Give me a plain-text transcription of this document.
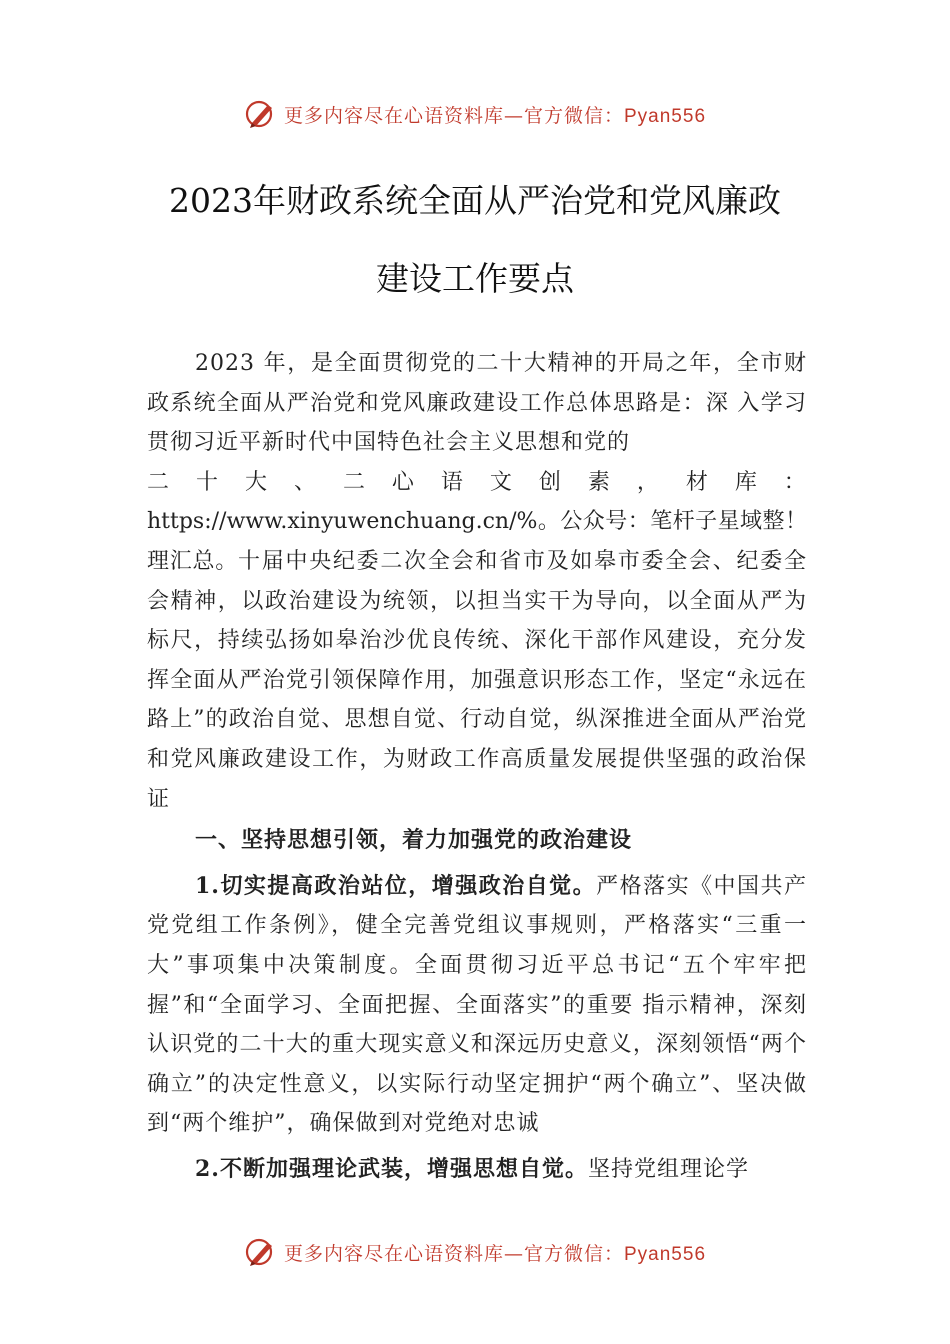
更多内容尽在心语资料库—官方微信：Pyan556
2023年财政系统全面从严治党和党风廉政
建设工作要点

2023 年，是全面贯彻党的二十大精神的开局之年，全市财政系统全面从严治党和党风廉政建设工作总体思路是：深 入学习贯彻习近平新时代中国特色社会主义思想和党的

二 十 大 、 二 心 语 文 创 素 ， 材 库 ：

https://www.xinyuwenchuang.cn/%。公众号：笔杆子星域整！理汇总。十届中央纪委二次全会和省市及如皋市委全会、纪委全会精神，以政治建设为统领，以担当实干为导向，以全面从严为标尺，持续弘扬如皋治沙优良传统、深化干部作风建设，充分发挥全面从严治党引领保障作用，加强意识形态工作，坚定“永远在路上”的政治自觉、思想自觉、行动自觉，纵深推进全面从严治党和党风廉政建设工作，为财政工作高质量发展提供坚强的政治保证

一、坚持思想引领，着力加强党的政治建设

1.切实提高政治站位，增强政治自觉。严格落实《中国共产党党组工作条例》，健全完善党组议事规则，严格落实“三重一大”事项集中决策制度。全面贯彻习近平总书记“五个牢牢把握”和“全面学习、全面把握、全面落实”的重要 指示精神，深刻认识党的二十大的重大现实意义和深远历史意义，深刻领悟“两个确立”的决定性意义，以实际行动坚定拥护“两个确立”、坚决做到“两个维护”，确保做到对党绝对忠诚

2.不断加强理论武装，增强思想自觉。坚持党组理论学

更多内容尽在心语资料库—官方微信：Pyan556
